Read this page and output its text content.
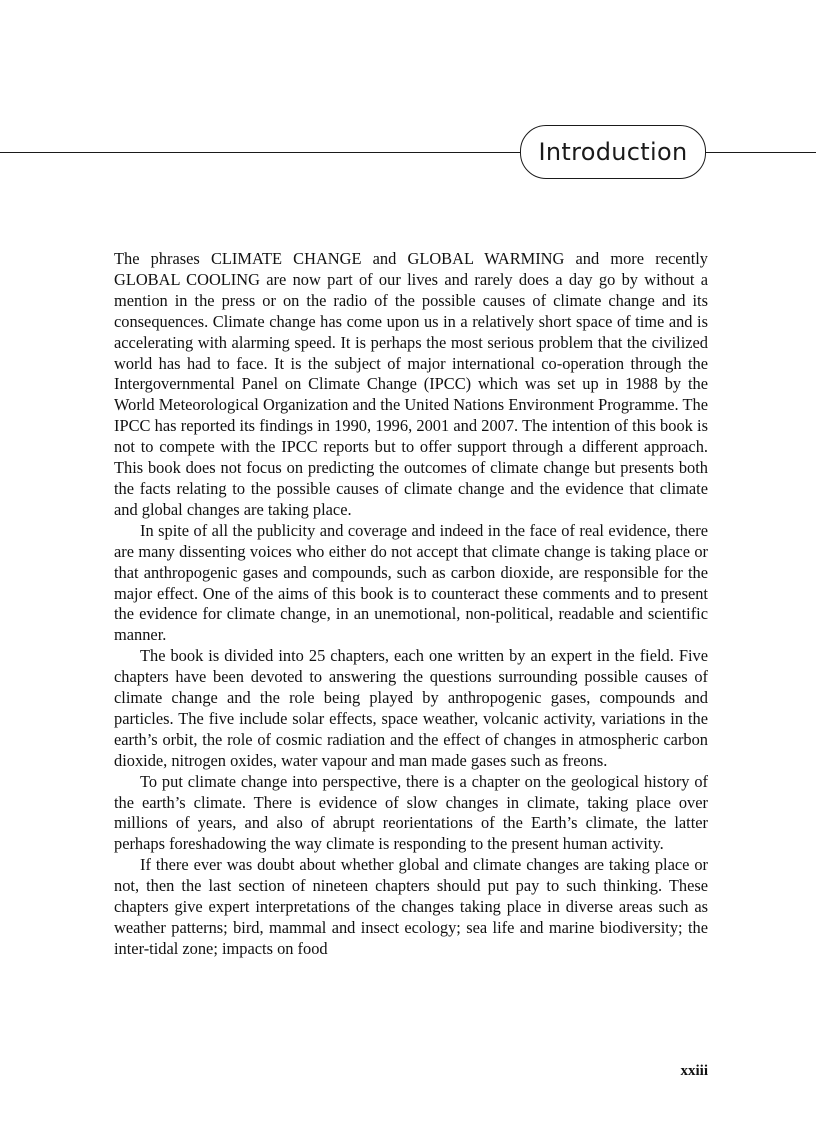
Introduction

The phrases CLIMATE CHANGE and GLOBAL WARMING and more recently GLOBAL COOLING are now part of our lives and rarely does a day go by without a mention in the press or on the radio of the possible causes of climate change and its consequences. Climate change has come upon us in a relatively short space of time and is accelerating with alarming speed. It is perhaps the most serious problem that the civilized world has had to face. It is the subject of major international co-operation through the Intergovernmental Panel on Climate Change (IPCC) which was set up in 1988 by the World Meteorological Organization and the United Nations Environment Programme. The IPCC has reported its findings in 1990, 1996, 2001 and 2007. The intention of this book is not to compete with the IPCC reports but to offer support through a different approach. This book does not focus on predicting the outcomes of climate change but presents both the facts relating to the possible causes of climate change and the evidence that climate and global changes are taking place.

In spite of all the publicity and coverage and indeed in the face of real evidence, there are many dissenting voices who either do not accept that climate change is taking place or that anthropogenic gases and compounds, such as carbon dioxide, are responsible for the major effect. One of the aims of this book is to counteract these comments and to present the evidence for climate change, in an unemotional, non-political, readable and scientific manner.

The book is divided into 25 chapters, each one written by an expert in the field. Five chapters have been devoted to answering the questions surrounding possible causes of climate change and the role being played by anthropogenic gases, compounds and particles. The five include solar effects, space weather, volcanic activity, variations in the earth’s orbit, the role of cosmic radiation and the effect of changes in atmospheric carbon dioxide, nitrogen oxides, water vapour and man made gases such as freons.

To put climate change into perspective, there is a chapter on the geological history of the earth’s climate. There is evidence of slow changes in climate, taking place over millions of years, and also of abrupt reorientations of the Earth’s climate, the latter perhaps foreshadowing the way climate is responding to the present human activity.

If there ever was doubt about whether global and climate changes are taking place or not, then the last section of nineteen chapters should put pay to such thinking. These chapters give expert interpretations of the changes taking place in diverse areas such as weather patterns; bird, mammal and insect ecology; sea life and marine biodiversity; the inter-tidal zone; impacts on food

xxiii
